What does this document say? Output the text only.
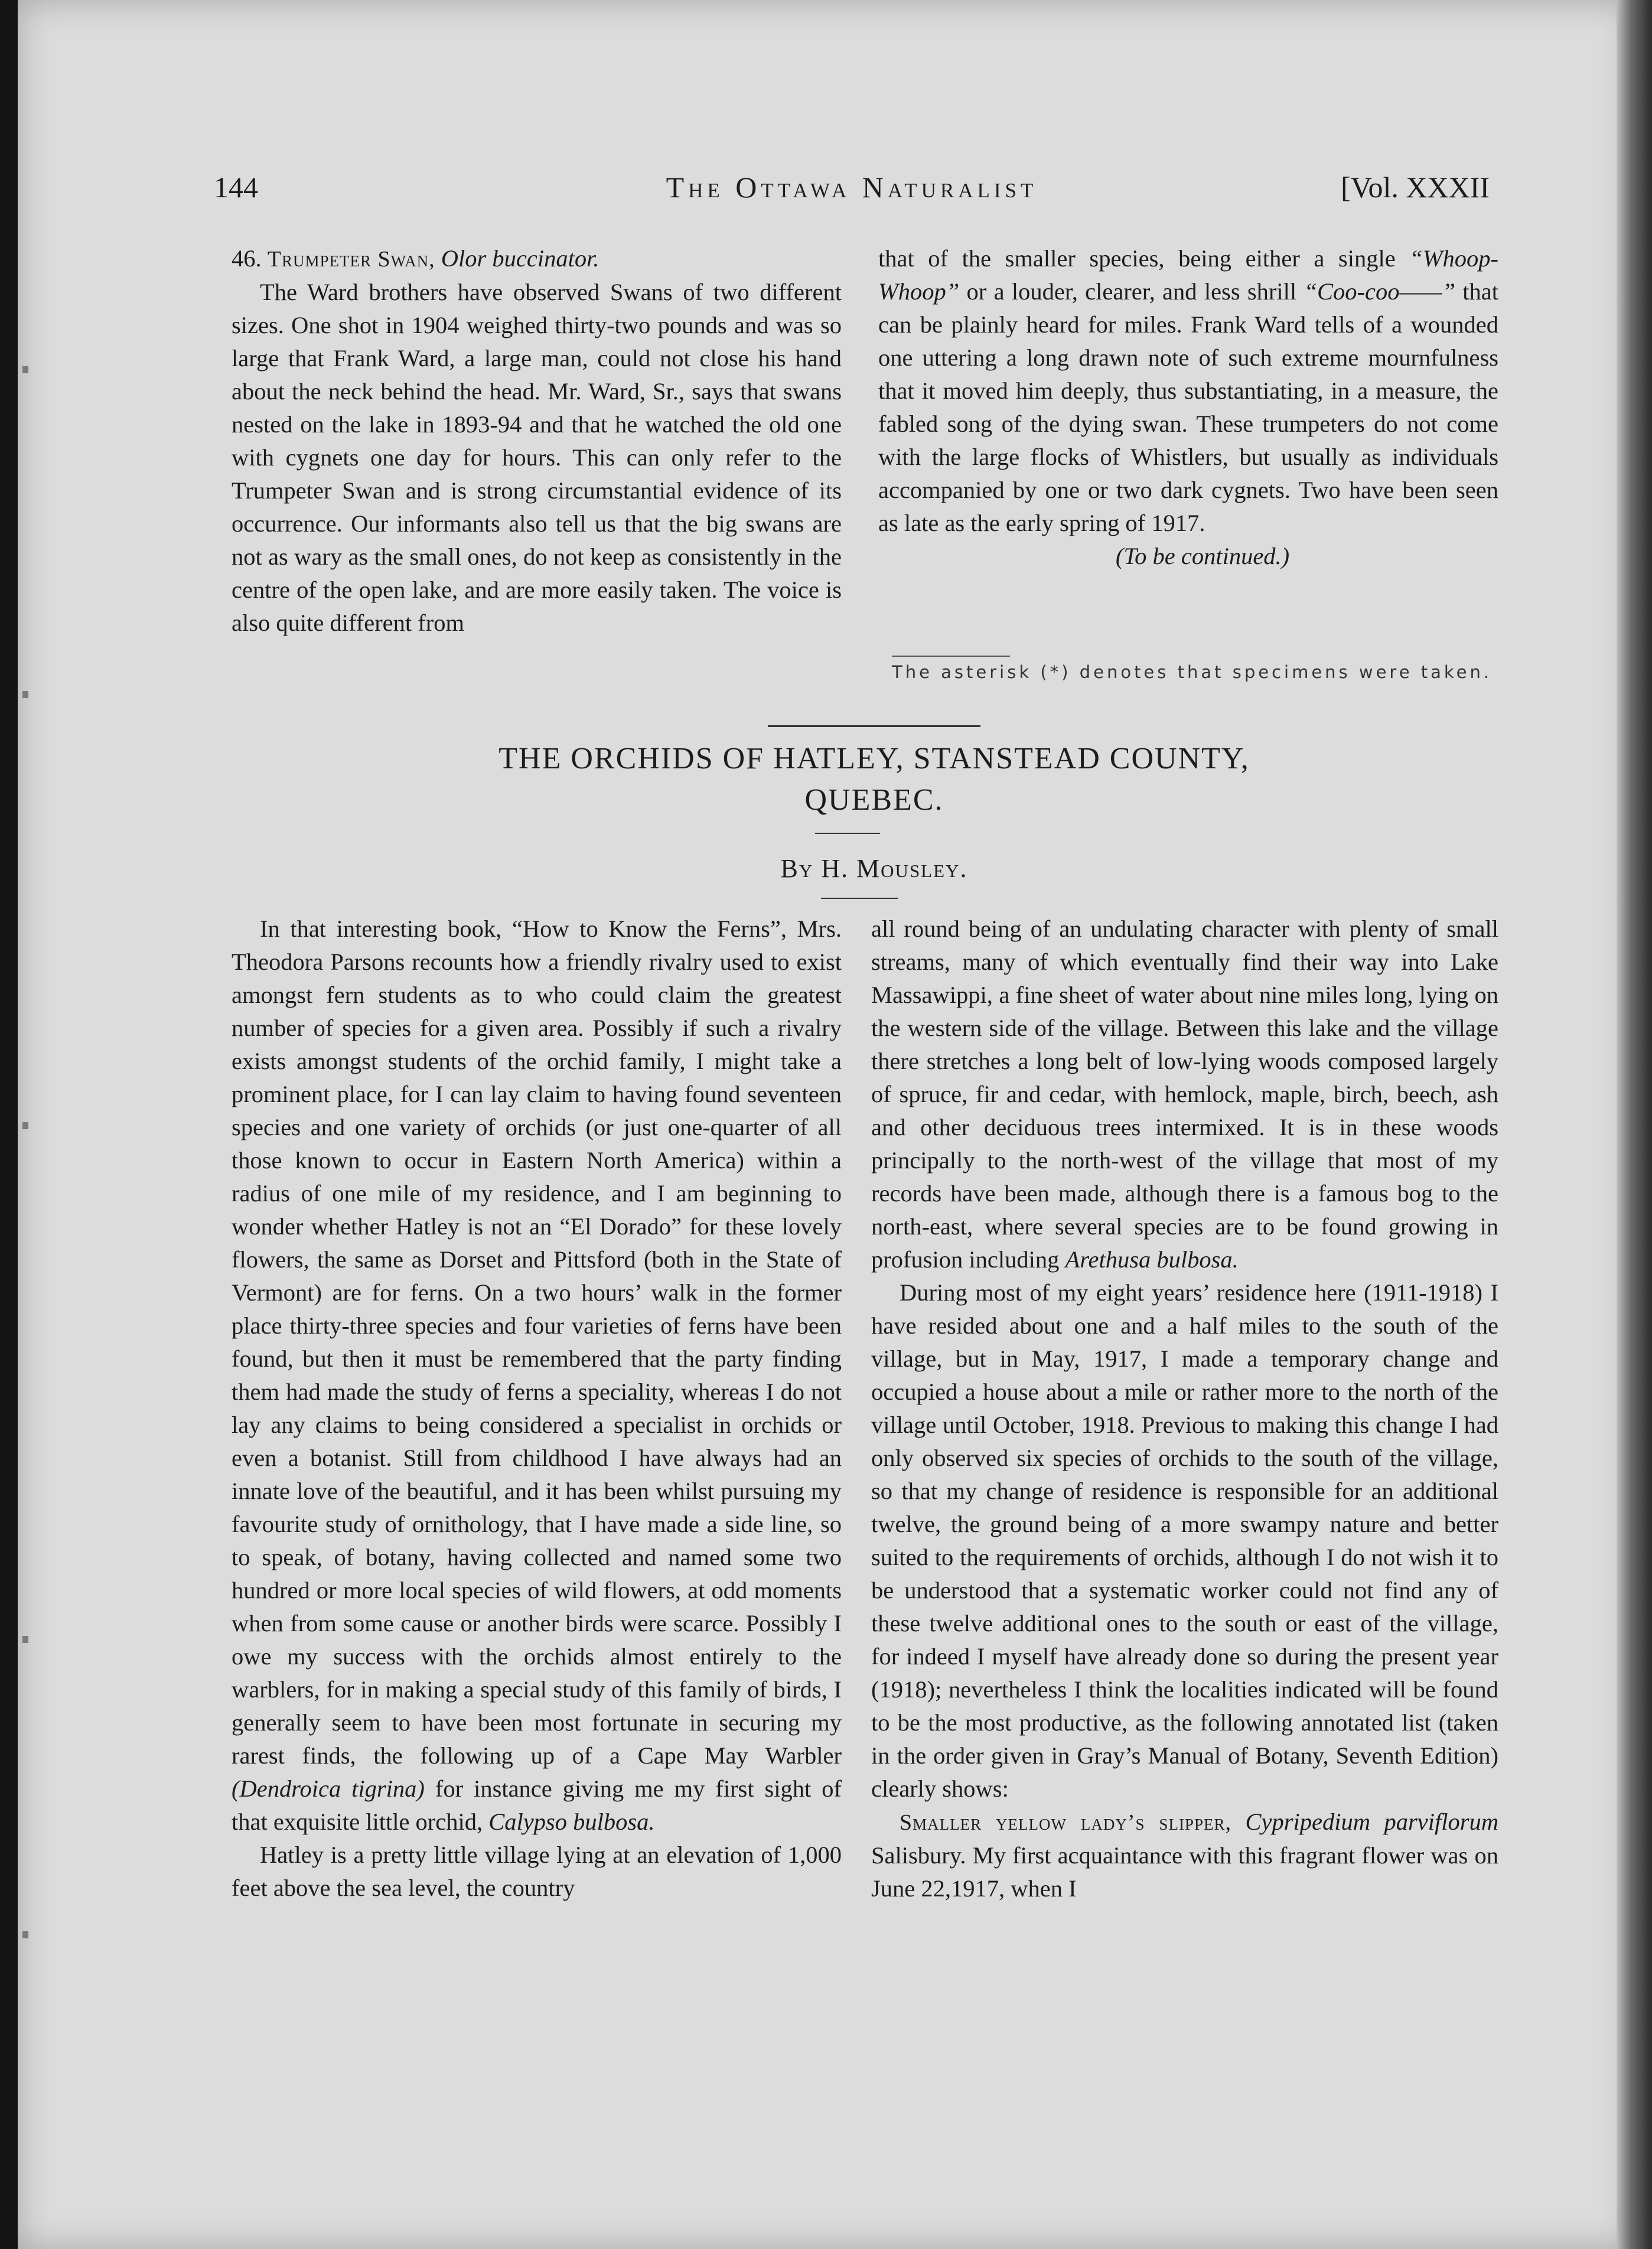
144	The Ottawa Naturalist	[Vol. XXXII

46. Trumpeter Swan, Olor buccinator.

The Ward brothers have observed Swans of two different sizes. One shot in 1904 weighed thirty-two pounds and was so large that Frank Ward, a large man, could not close his hand about the neck behind the head. Mr. Ward, Sr., says that swans nested on the lake in 1893-94 and that he watched the old one with cygnets one day for hours. This can only refer to the Trumpeter Swan and is strong circumstantial evidence of its occurrence. Our informants also tell us that the big swans are not as wary as the small ones, do not keep as consistently in the centre of the open lake, and are more easily taken. The voice is also quite different from

that of the smaller species, being either a single “Whoop-Whoop” or a louder, clearer, and less shrill “Coo-coo——” that can be plainly heard for miles. Frank Ward tells of a wounded one uttering a long drawn note of such extreme mournfulness that it moved him deeply, thus substantiating, in a measure, the fabled song of the dying swan. These trumpeters do not come with the large flocks of Whistlers, but usually as individuals accompanied by one or two dark cygnets. Two have been seen as late as the early spring of 1917.

(To be continued.)

The asterisk (*) denotes that specimens were taken.
THE ORCHIDS OF HATLEY, STANSTEAD COUNTY,
QUEBEC.
By H. Mousley.

In that interesting book, “How to Know the Ferns”, Mrs. Theodora Parsons recounts how a friendly rivalry used to exist amongst fern students as to who could claim the greatest number of species for a given area. Possibly if such a rivalry exists amongst students of the orchid family, I might take a prominent place, for I can lay claim to having found seventeen species and one variety of orchids (or just one-quarter of all those known to occur in Eastern North America) within a radius of one mile of my residence, and I am beginning to wonder whether Hatley is not an “El Dorado” for these lovely flowers, the same as Dorset and Pittsford (both in the State of Vermont) are for ferns. On a two hours’ walk in the former place thirty-three species and four varieties of ferns have been found, but then it must be remembered that the party finding them had made the study of ferns a speciality, whereas I do not lay any claims to being considered a specialist in orchids or even a botanist. Still from childhood I have always had an innate love of the beautiful, and it has been whilst pursuing my favourite study of ornithology, that I have made a side line, so to speak, of botany, having collected and named some two hundred or more local species of wild flowers, at odd moments when from some cause or another birds were scarce. Possibly I owe my success with the orchids almost entirely to the warblers, for in making a special study of this family of birds, I generally seem to have been most fortunate in securing my rarest finds, the following up of a Cape May Warbler (Dendroica tigrina) for instance giving me my first sight of that exquisite little orchid, Calypso bulbosa.

Hatley is a pretty little village lying at an elevation of 1,000 feet above the sea level, the country

all round being of an undulating character with plenty of small streams, many of which eventually find their way into Lake Massawippi, a fine sheet of water about nine miles long, lying on the western side of the village. Between this lake and the village there stretches a long belt of low-lying woods composed largely of spruce, fir and cedar, with hemlock, maple, birch, beech, ash and other deciduous trees intermixed. It is in these woods principally to the north-west of the village that most of my records have been made, although there is a famous bog to the north-east, where several species are to be found growing in profusion including Arethusa bulbosa.

During most of my eight years’ residence here (1911-1918) I have resided about one and a half miles to the south of the village, but in May, 1917, I made a temporary change and occupied a house about a mile or rather more to the north of the village until October, 1918. Previous to making this change I had only observed six species of orchids to the south of the village, so that my change of residence is responsible for an additional twelve, the ground being of a more swampy nature and better suited to the requirements of orchids, although I do not wish it to be understood that a systematic worker could not find any of these twelve additional ones to the south or east of the village, for indeed I myself have already done so during the present year (1918); nevertheless I think the localities indicated will be found to be the most productive, as the following annotated list (taken in the order given in Gray’s Manual of Botany, Seventh Edition) clearly shows:

Smaller yellow lady’s slipper, Cypripedium parviflorum Salisbury. My first acquaintance with this fragrant flower was on June 22,1917, when I
